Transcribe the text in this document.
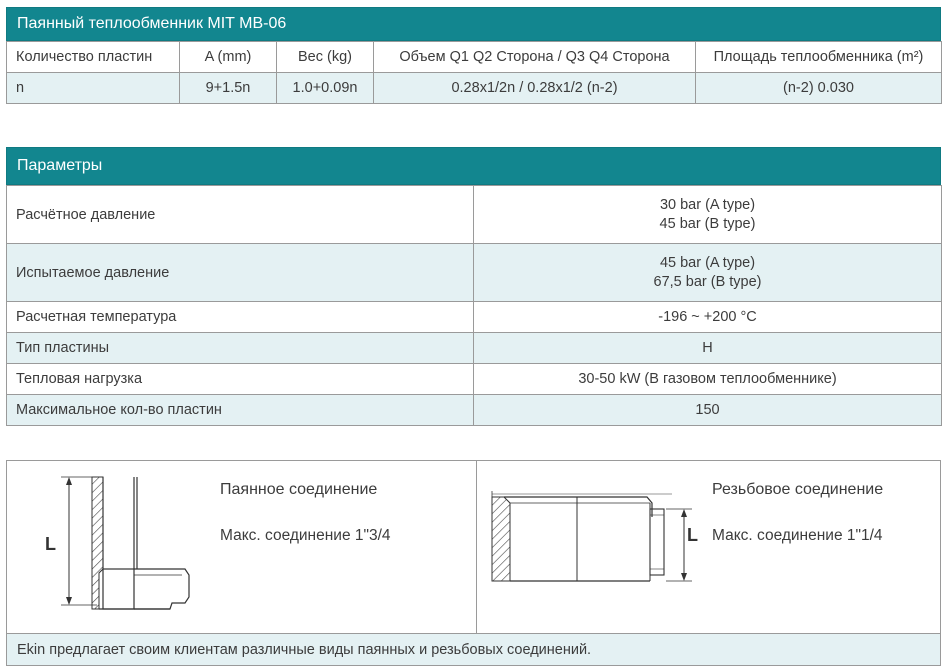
Паянный теплообменник MIT MB-06
Количество пластин	A (mm)	Вес (kg)	Объем Q1 Q2 Сторона / Q3 Q4 Сторона	Площадь теплообменника (m²)
n	9+1.5n	1.0+0.09n	0.28x1/2n / 0.28x1/2 (n-2)	(n-2) 0.030
Параметры
Расчётное давление	30 bar (A type)
45 bar (B type)

Испытаемое давление	45 bar (A type)
67,5 bar (B type)

Расчетная температура	-196 ~ +200 °C
Тип пластины	H
Тепловая нагрузка	30-50 kW (В газовом теплообменнике)
Максимальное кол-во пластин	150
L
Паянное соединение
Макс. соединение 1"3/4	L
Резьбовое соединение
Макс. соединение 1"1/4
Ekin предлагает своим клиентам различные виды паянных и резьбовых соединений.
